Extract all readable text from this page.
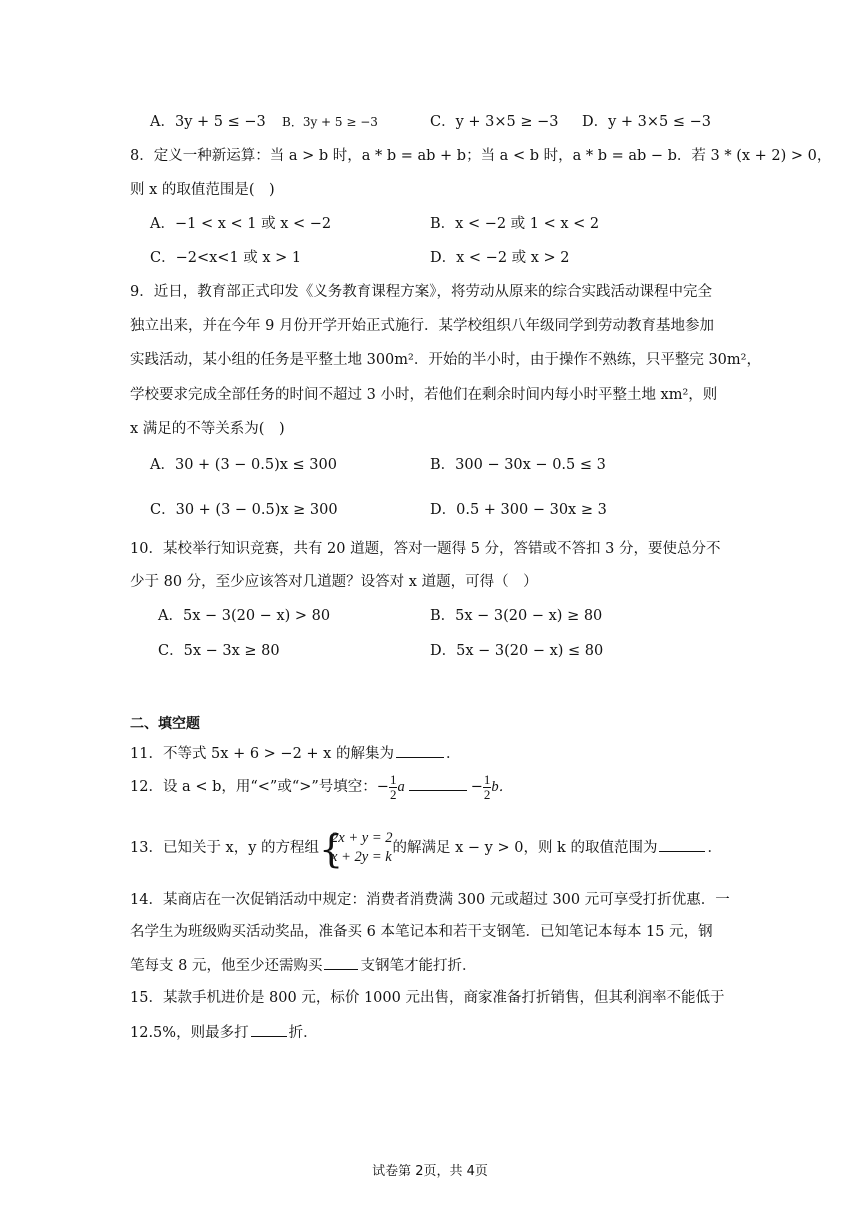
A．3y + 5 ≤ −3 B．3y + 5 ≥ −3	C．y + 3×5 ≥ −3 D．y + 3×5 ≤ −3
8．定义一种新运算：当 a > b 时，a * b = ab + b；当 a < b 时，a * b = ab − b．若 3 * (x + 2) > 0，
则 x 的取值范围是(　)
A．−1 < x < 1 或 x < −2	B．x < −2 或 1 < x < 2
C．−2<x<1 或 x > 1	D．x < −2 或 x > 2
9．近日，教育部正式印发《义务教育课程方案》，将劳动从原来的综合实践活动课程中完全
独立出来，并在今年 9 月份开学开始正式施行．某学校组织八年级同学到劳动教育基地参加
实践活动，某小组的任务是平整土地 300m²．开始的半小时，由于操作不熟练，只平整完 30m²，
学校要求完成全部任务的时间不超过 3 小时，若他们在剩余时间内每小时平整土地 xm²，则
x 满足的不等关系为(　)
A．30 + (3 − 0.5)x ≤ 300	B．300 − 30x − 0.5 ≤ 3
C．30 + (3 − 0.5)x ≥ 300	D．0.5 + 300 − 30x ≥ 3
10．某校举行知识竞赛，共有 20 道题，答对一题得 5 分，答错或不答扣 3 分，要使总分不
少于 80 分，至少应该答对几道题？设答对 x 道题，可得（　）
A．5x − 3(20 − x) > 80	B．5x − 3(20 − x) ≥ 80
C．5x − 3x ≥ 80	D．5x − 3(20 − x) ≤ 80
二、填空题
11．不等式 5x + 6 > −2 + x 的解集为	．
12．设 a < b，用“<”或“>”号填空：− $\frac{1}{2}$ a	− $\frac{1}{2}$ b．
13．已知关于 x，y 的方程组 {
2x + y = 2
x + 2y = k
的解满足 x − y > 0，则 k 的取值范围为	．
14．某商店在一次促销活动中规定：消费者消费满 300 元或超过 300 元可享受打折优惠．一
名学生为班级购买活动奖品，准备买 6 本笔记本和若干支钢笔．已知笔记本每本 15 元，钢
笔每支 8 元，他至少还需购买	支钢笔才能打折．
15．某款手机进价是 800 元，标价 1000 元出售，商家准备打折销售，但其利润率不能低于
12.5%，则最多打	折．
试卷第 2页，共 4页
